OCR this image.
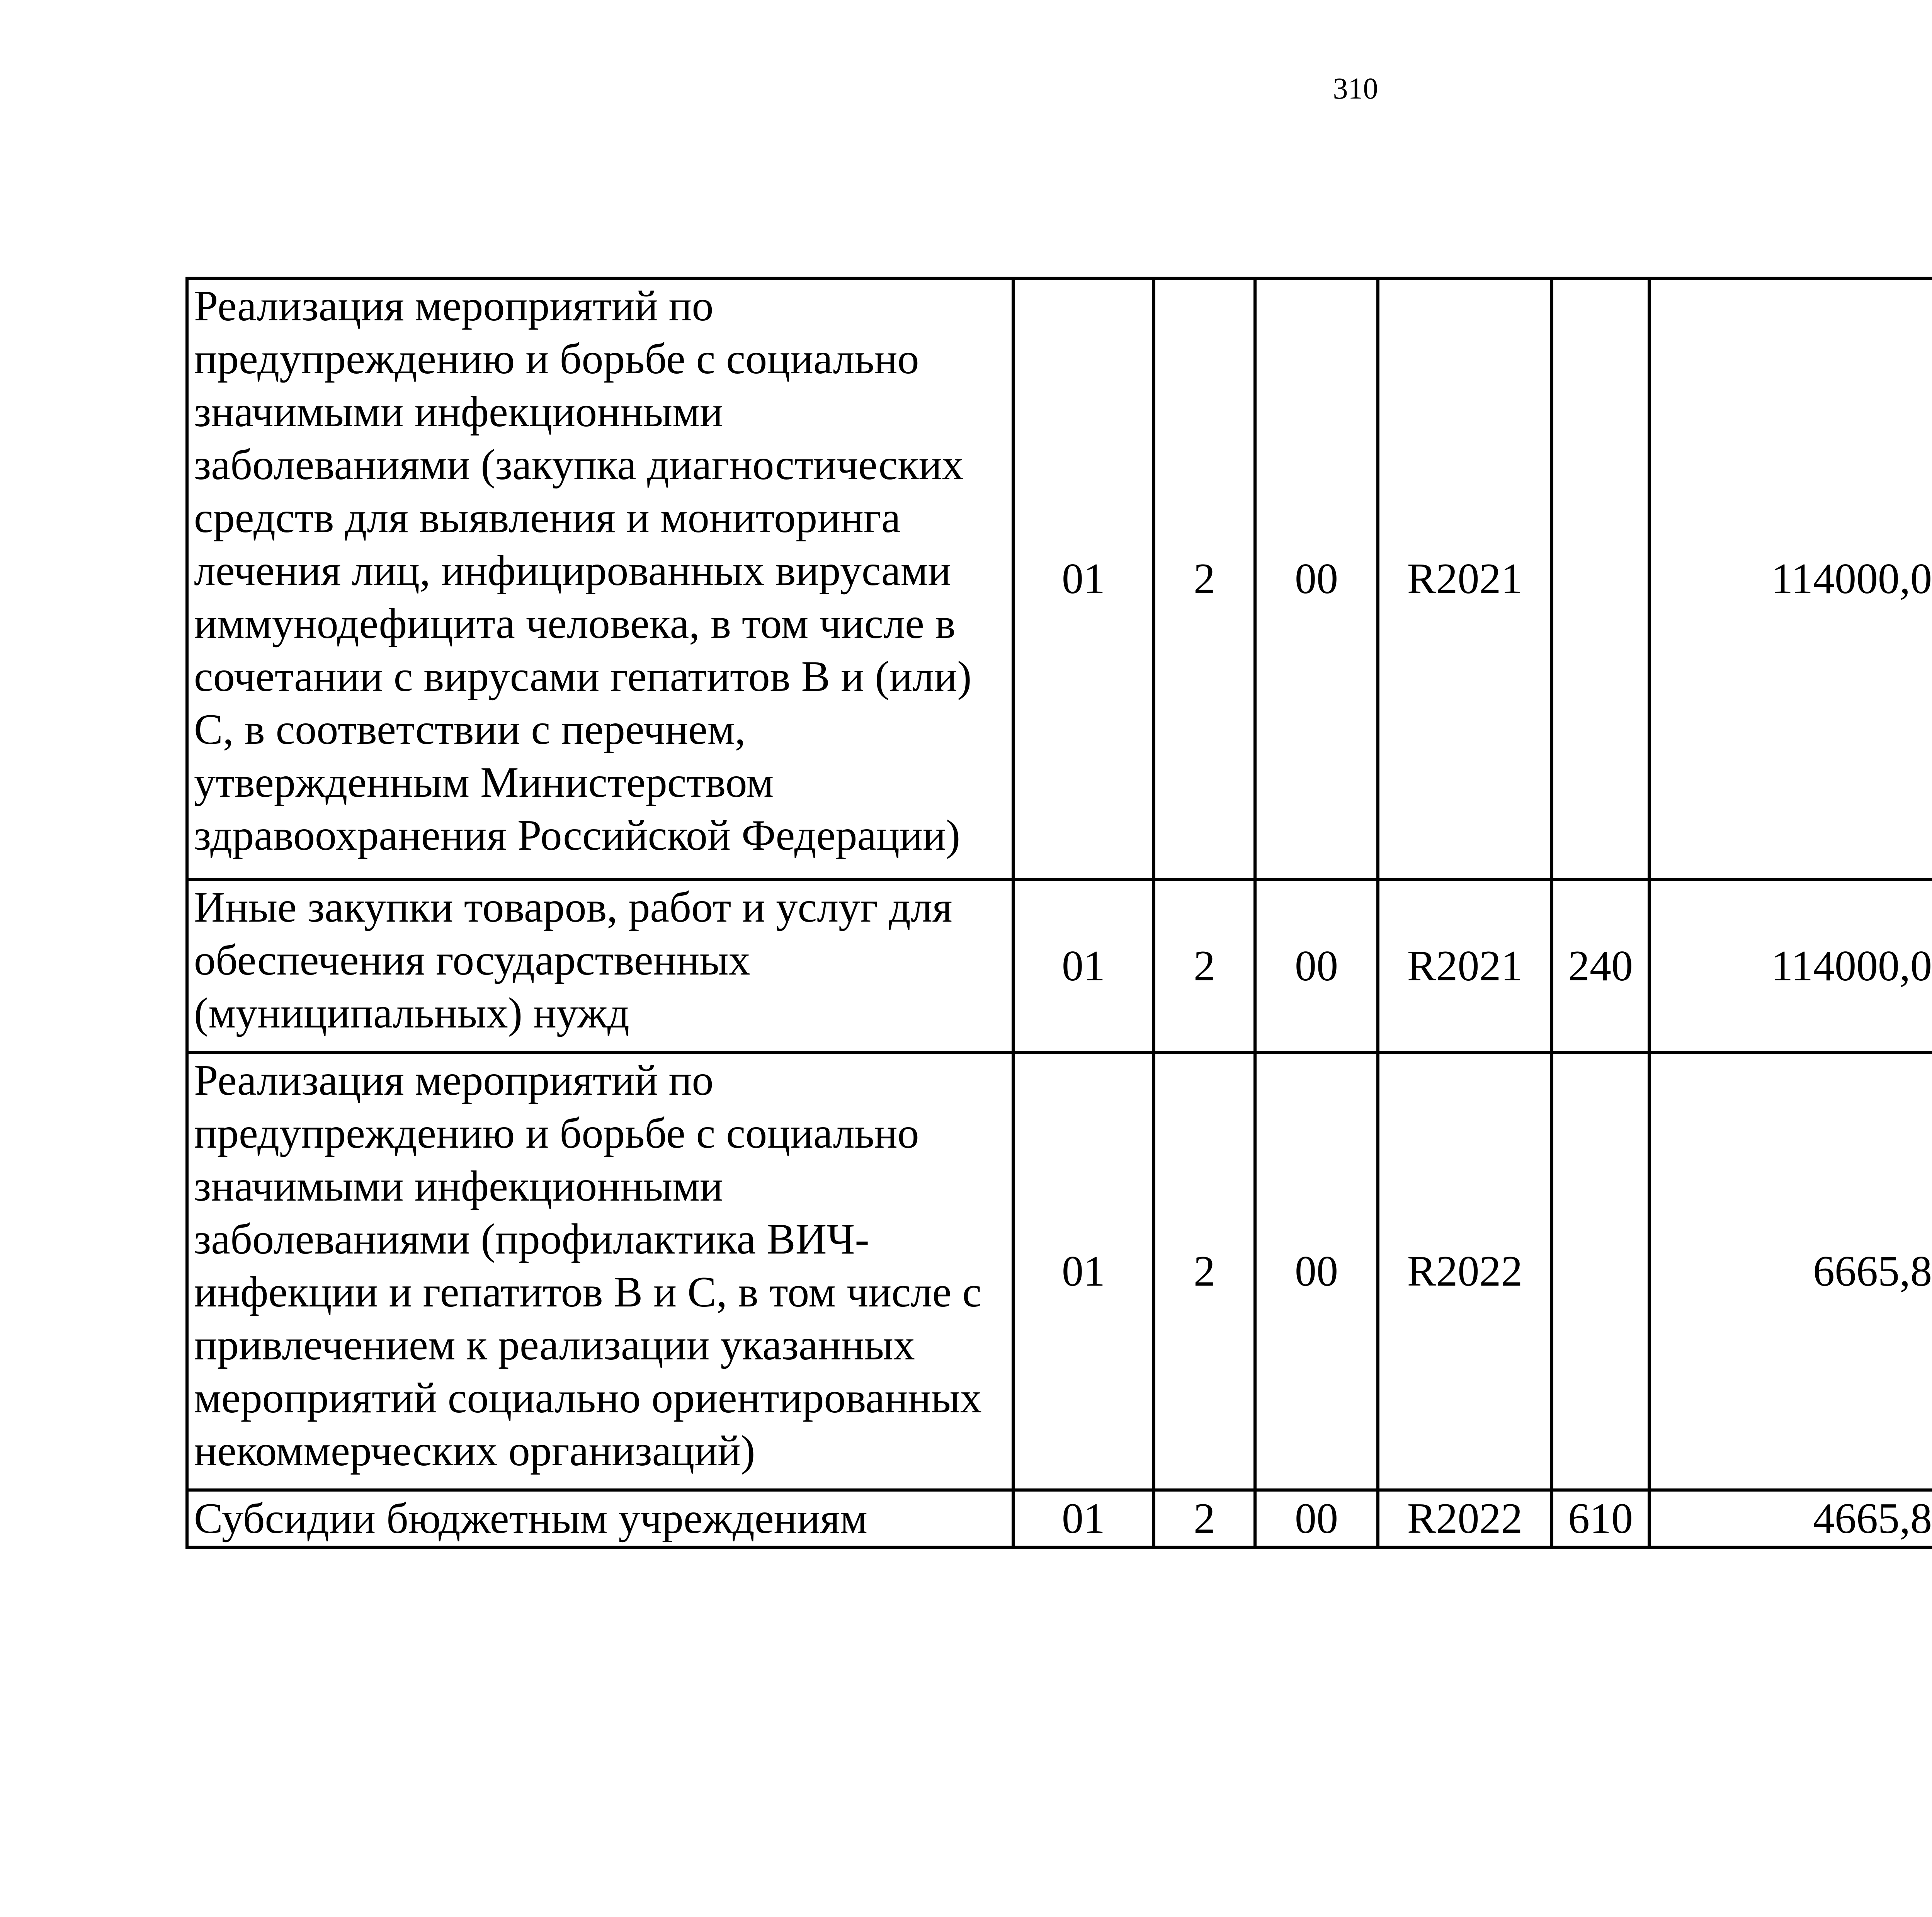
310
Реализация мероприятий по предупреждению и борьбе с социально значимыми инфекционными заболеваниями (закупка диагностических средств для выявления и мониторинга лечения лиц, инфицированных вирусами иммунодефицита человека, в том числе в сочетании с вирусами гепатитов B и (или) C, в соответствии с перечнем, утвержденным Министерством здравоохранения Российской Федерации)	01	2	00	R2021		114000,0		
Иные закупки товаров, работ и услуг для обеспечения государственных (муниципальных) нужд	01	2	00	R2021	240	114000,0		
Реализация мероприятий по предупреждению и борьбе с социально значимыми инфекционными заболеваниями (профилактика ВИЧ-инфекции и гепатитов B и C, в том числе с привлечением к реализации указанных мероприятий социально ориентированных некоммерческих организаций)	01	2	00	R2022		6665,8		
Субсидии бюджетным учреждениям	01	2	00	R2022	610	4665,8		
